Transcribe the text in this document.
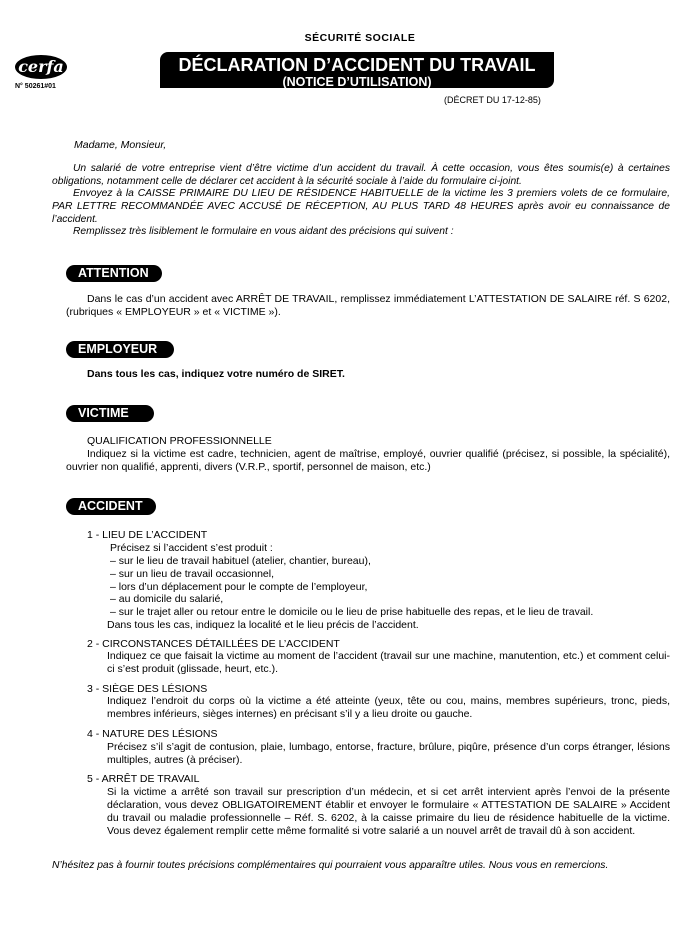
SÉCURITÉ SOCIALE
cerfa
N° 50261#01
DÉCLARATION D’ACCIDENT DU TRAVAIL
(NOTICE D’UTILISATION)
(DÉCRET DU 17-12-85)
Madame, Monsieur,
Un salarié de votre entreprise vient d’être victime d’un accident du travail. À cette occasion, vous êtes soumis(e) à certaines obligations, notamment celle de déclarer cet accident à la sécurité sociale à l’aide du formulaire ci-joint.
Envoyez à la CAISSE PRIMAIRE DU LIEU DE RÉSIDENCE HABITUELLE de la victime les 3 premiers volets de ce formulaire, PAR LETTRE RECOMMANDÉE AVEC ACCUSÉ DE RÉCEPTION, AU PLUS TARD 48 HEURES après avoir eu connaissance de l’accident.
Remplissez très lisiblement le formulaire en vous aidant des précisions qui suivent :
ATTENTION
Dans le cas d’un accident avec ARRÊT DE TRAVAIL, remplissez immédiatement L’ATTESTATION DE SALAIRE réf. S 6202, (rubriques « EMPLOYEUR » et « VICTIME »).
EMPLOYEUR
Dans tous les cas, indiquez votre numéro de SIRET.
VICTIME
QUALIFICATION PROFESSIONNELLE
Indiquez si la victime est cadre, technicien, agent de maîtrise, employé, ouvrier qualifié (précisez, si possible, la spécialité), ouvrier non qualifié, apprenti, divers (V.R.P., sportif, personnel de maison, etc.)
ACCIDENT
1 - LIEU DE L’ACCIDENT
Précisez si l’accident s’est produit :
– sur le lieu de travail habituel (atelier, chantier, bureau),
– sur un lieu de travail occasionnel,
– lors d’un déplacement pour le compte de l’employeur,
– au domicile du salarié,
– sur le trajet aller ou retour entre le domicile ou le lieu de prise habituelle des repas, et le lieu de travail.
Dans tous les cas, indiquez la localité et le lieu précis de l’accident.
2 - CIRCONSTANCES DÉTAILLÉES DE L’ACCIDENT
Indiquez ce que faisait la victime au moment de l’accident (travail sur une machine, manutention, etc.) et comment celui-ci s’est produit (glissade, heurt, etc.).
3 - SIÈGE DES LÉSIONS
Indiquez l’endroit du corps où la victime a été atteinte (yeux, tête ou cou, mains, membres supérieurs, tronc, pieds, membres inférieurs, sièges internes) en précisant s’il y a lieu droite ou gauche.
4 - NATURE DES LÉSIONS
Précisez s’il s’agit de contusion, plaie, lumbago, entorse, fracture, brûlure, piqûre, présence d’un corps étranger, lésions multiples, autres (à préciser).
5 - ARRÊT DE TRAVAIL
Si la victime a arrêté son travail sur prescription d’un médecin, et si cet arrêt intervient après l’envoi de la présente déclaration, vous devez OBLIGATOIREMENT établir et envoyer le formulaire « ATTESTATION DE SALAIRE » Accident du travail ou maladie professionnelle – Réf. S. 6202, à la caisse primaire du lieu de résidence habituelle de la victime. Vous devez également remplir cette même formalité si votre salarié a un nouvel arrêt de travail dû à son accident.
N’hésitez pas à fournir toutes précisions complémentaires qui pourraient vous apparaître utiles. Nous vous en remercions.
